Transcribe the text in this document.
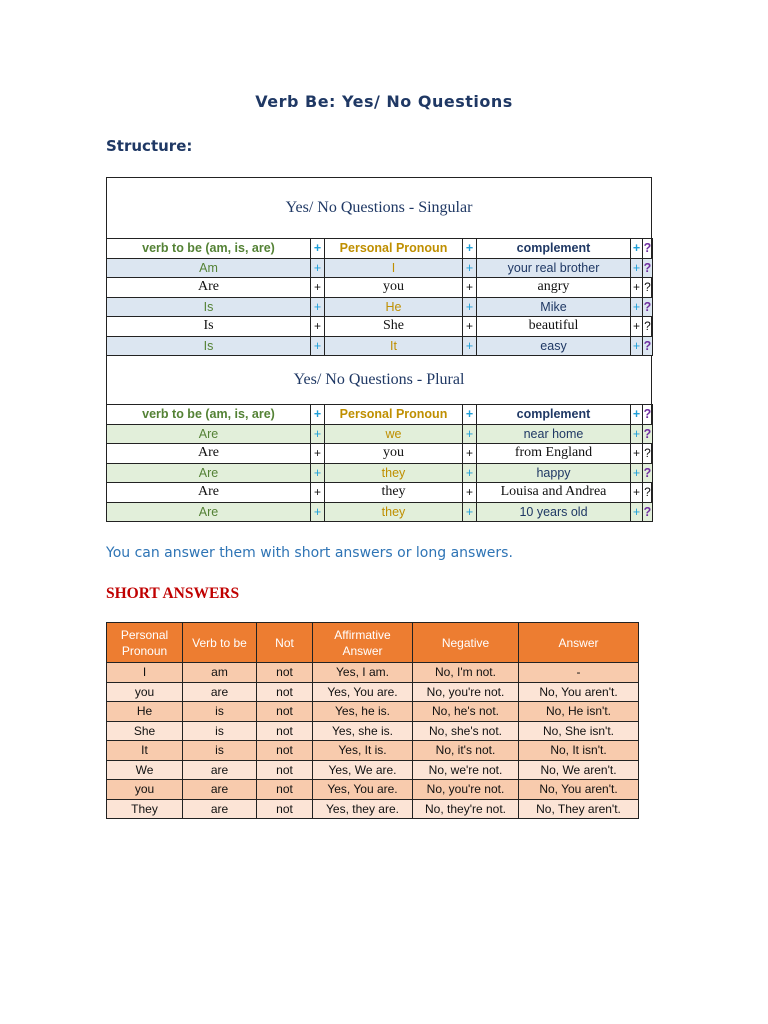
Verb Be: Yes/ No Questions
Structure:
Yes/ No Questions - Singular
verb to be (am, is, are)	+	Personal Pronoun	+	complement	+	?
Am	+	I	+	your real brother	+	?
Are	+	you	+	angry	+	?
Is	+	He	+	Mike	+	?
Is	+	She	+	beautiful	+	?
Is	+	It	+	easy	+	?
Yes/ No Questions - Plural
verb to be (am, is, are)	+	Personal Pronoun	+	complement	+	?
Are	+	we	+	near home	+	?
Are	+	you	+	from England	+	?
Are	+	they	+	happy	+	?
Are	+	they	+	Louisa and Andrea	+	?
Are	+	they	+	10 years old	+	?
You can answer them with short answers or long answers.
SHORT ANSWERS
Personal Pronoun	Verb to be	Not	Affirmative Answer	Negative	Answer
I	am	not	Yes, I am.	No, I'm not.	-
you	are	not	Yes, You are.	No, you're not.	No, You aren't.
He	is	not	Yes, he is.	No, he's not.	No, He isn't.
She	is	not	Yes, she is.	No, she's not.	No, She isn't.
It	is	not	Yes, It is.	No, it's not.	No, It isn't.
We	are	not	Yes, We are.	No, we're not.	No, We aren't.
you	are	not	Yes, You are.	No, you're not.	No, You aren't.
They	are	not	Yes, they are.	No, they're not.	No, They aren't.
